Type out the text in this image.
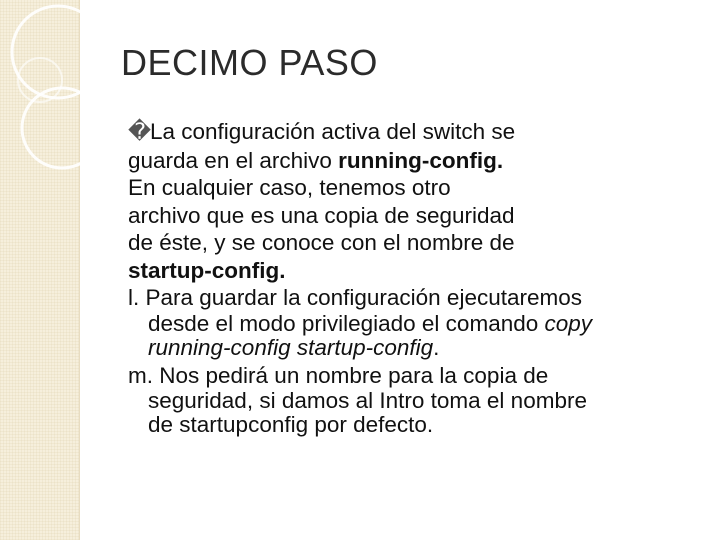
DECIMO PASO
�La configuración activa del switch se
guarda en el archivo running-config.
En cualquier caso, tenemos otro
archivo que es una copia de seguridad
de éste, y se conoce con el nombre de
startup-config.
l. Para guardar la configuración ejecutaremos
desde el modo privilegiado el comando copy
running-config startup-config.
m. Nos pedirá un nombre para la copia de
seguridad, si damos al Intro toma el nombre
de startupconfig por defecto.
